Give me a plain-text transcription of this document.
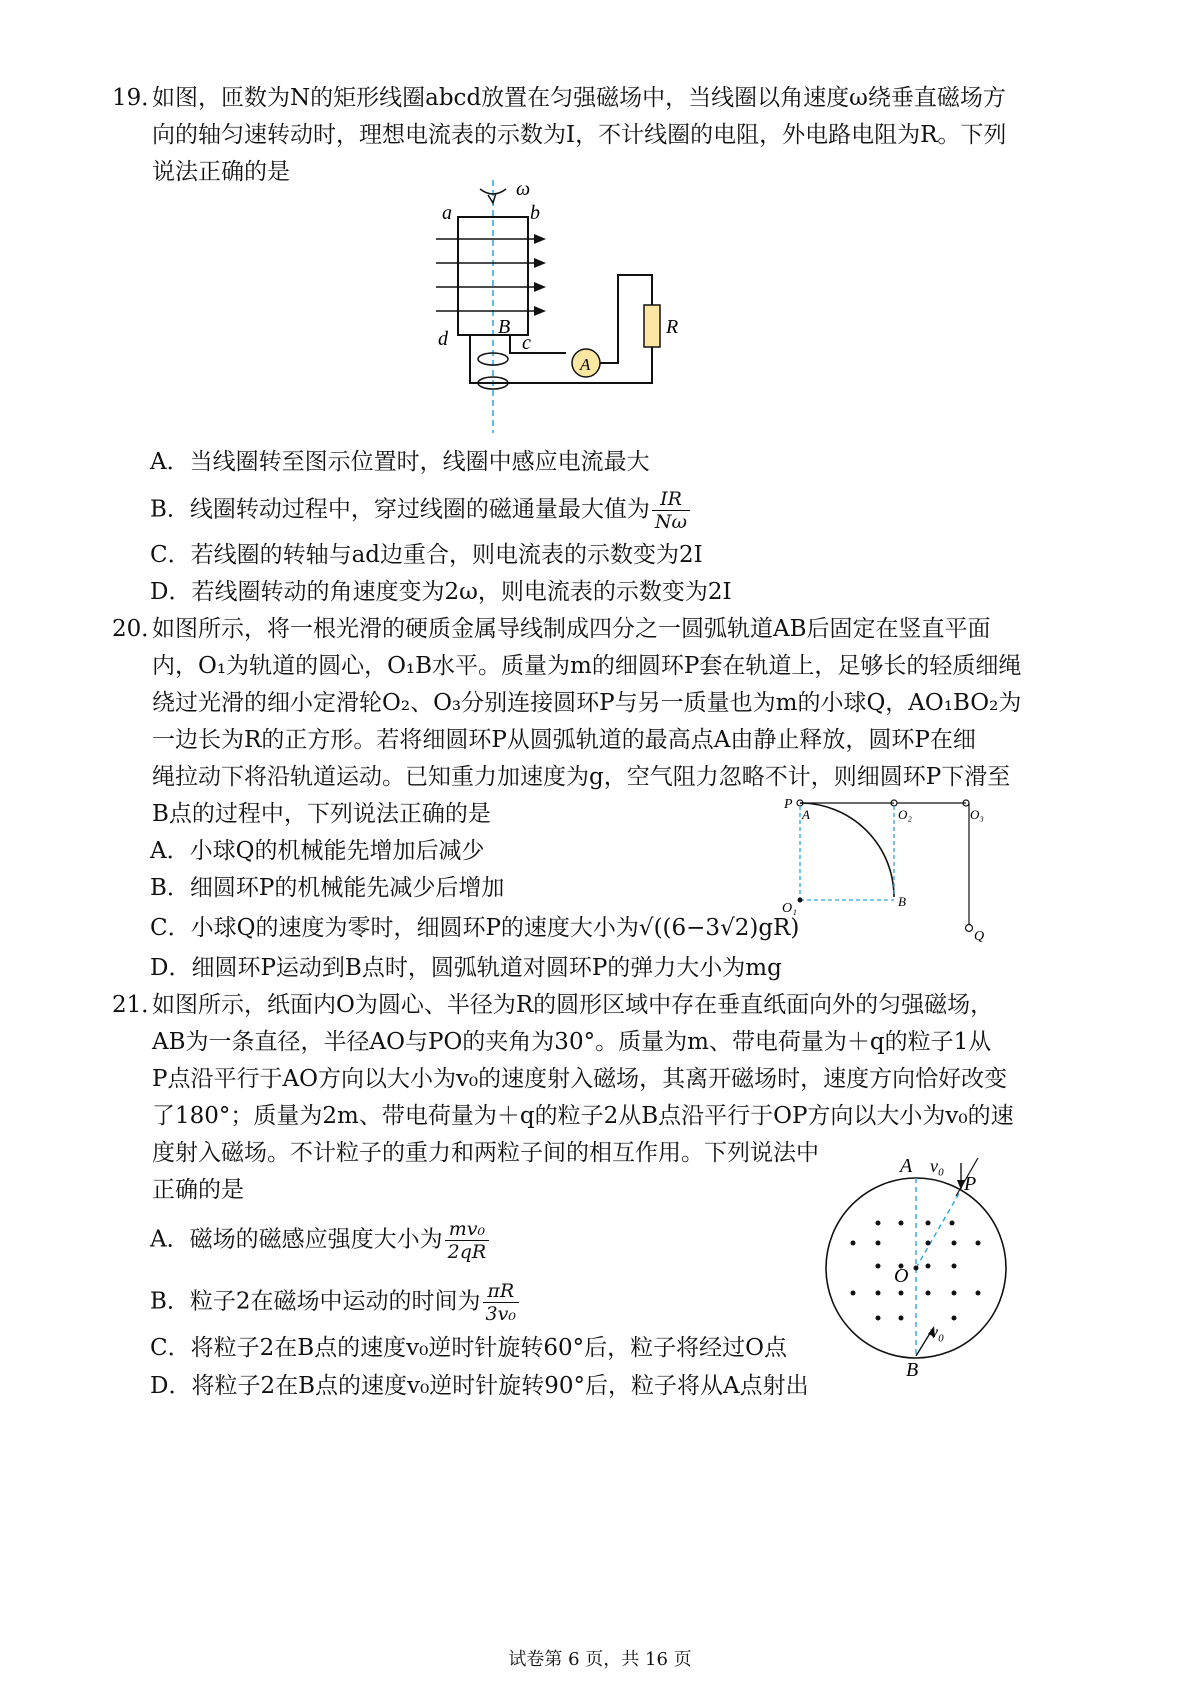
19．
如图，匝数为N的矩形线圈abcd放置在匀强磁场中，当线圈以角速度ω绕垂直磁场方
向的轴匀速转动时，理想电流表的示数为I，不计线圈的电阻，外电路电阻为R。下列
说法正确的是
ω
a	b
d	c
B
A
R
A．当线圈转至图示位置时，线圈中感应电流最大
B．线圈转动过程中，穿过线圈的磁通量最大值为 $\frac{IR}{N\omega}$
C．若线圈的转轴与ad边重合，则电流表的示数变为2I
D．若线圈转动的角速度变为2ω，则电流表的示数变为2I
20．
如图所示，将一根光滑的硬质金属导线制成四分之一圆弧轨道AB后固定在竖直平面
内，O₁为轨道的圆心，O₁B水平。质量为m的细圆环P套在轨道上，足够长的轻质细绳
绕过光滑的细小定滑轮O₂、O₃分别连接圆环P与另一质量也为m的小球Q，AO₁BO₂为
一边长为R的正方形。若将细圆环P从圆弧轨道的最高点A由静止释放，圆环P在细
绳拉动下将沿轨道运动。已知重力加速度为g，空气阻力忽略不计，则细圆环P下滑至
B点的过程中，下列说法正确的是	P
A	O₂	O₃
Q
O₁	B
A．小球Q的机械能先增加后减少
B．细圆环P的机械能先减少后增加
C．小球Q的速度为零时，细圆环P的速度大小为√((6−3√2)gR)
D．细圆环P运动到B点时，圆弧轨道对圆环P的弹力大小为mg
21．
如图所示，纸面内O为圆心、半径为R的圆形区域中存在垂直纸面向外的匀强磁场，
AB为一条直径，半径AO与PO的夹角为30°。质量为m、带电荷量为＋q的粒子1从
P点沿平行于AO方向以大小为v₀的速度射入磁场，其离开磁场时，速度方向恰好改变
了180°；质量为2m、带电荷量为＋q的粒子2从B点沿平行于OP方向以大小为v₀的速
度射入磁场。不计粒子的重力和两粒子间的相互作用。下列说法中
正确的是
A v₀
P
O
v₀
B
A．磁场的磁感应强度大小为 $\frac{\text{mv₀}}{2qR}$
B．粒子2在磁场中运动的时间为 $\frac{\pi R}{\text{3v₀}}$
C．将粒子2在B点的速度v₀逆时针旋转60°后，粒子将经过O点
D．将粒子2在B点的速度v₀逆时针旋转90°后，粒子将从A点射出
试卷第 6 页，共 16 页
